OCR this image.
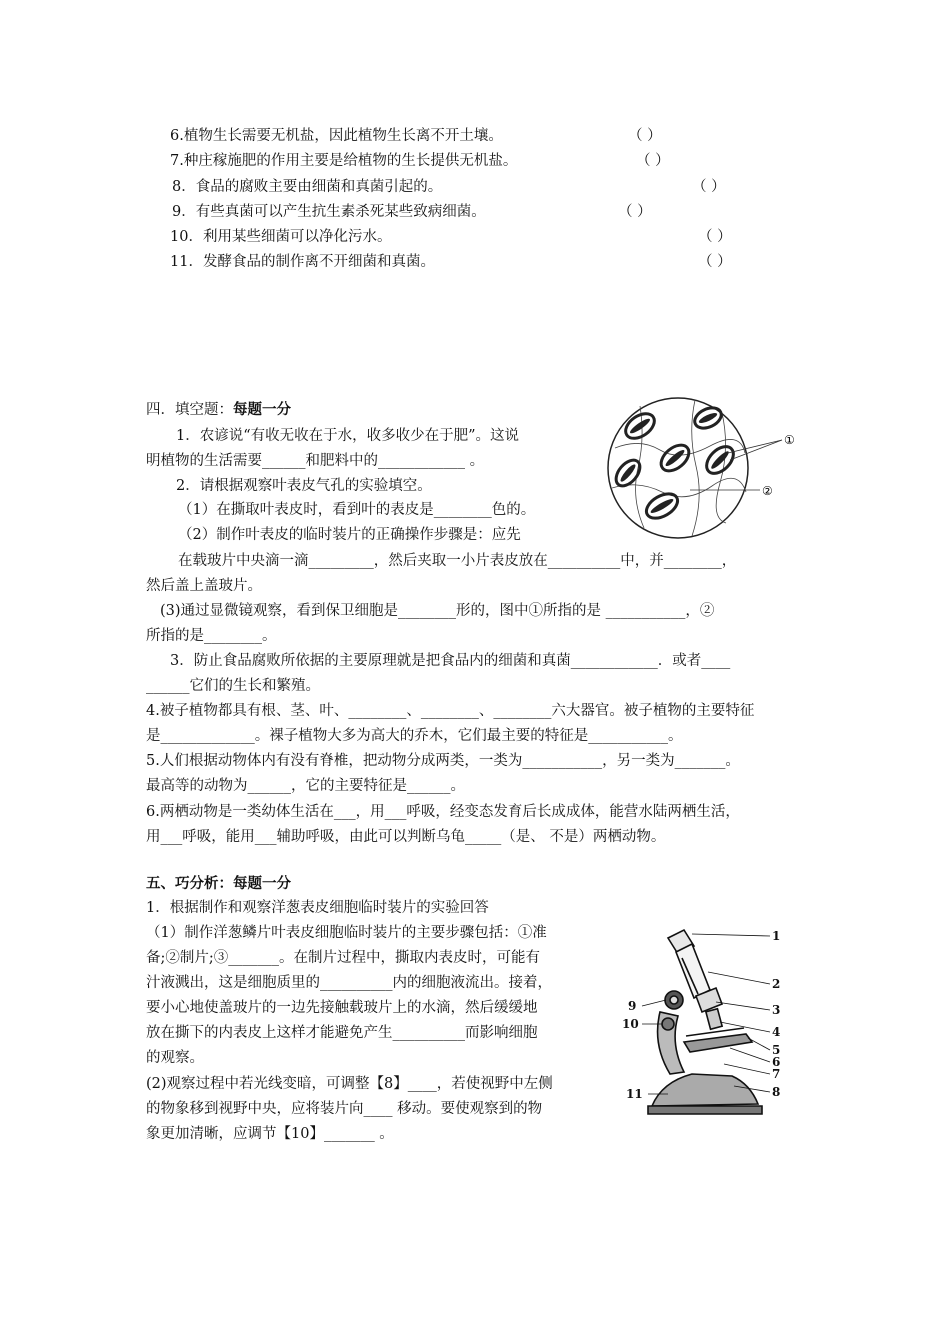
6.植物生长需要无机盐，因此植物生长离不开土壤。	（ ）
7.种庄稼施肥的作用主要是给植物的生长提供无机盐。	（ ）
8．食品的腐败主要由细菌和真菌引起的。	（ ）
9．有些真菌可以产生抗生素杀死某些致病细菌。	（ ）
10．利用某些细菌可以净化污水。	（ ）
11．发酵食品的制作离不开细菌和真菌。	（ ）
四．填空题：每题一分
1．农谚说“有收无收在于水，收多收少在于肥”。这说
明植物的生活需要______和肥料中的____________ 。
2．请根据观察叶表皮气孔的实验填空。
（1）在撕取叶表皮时，看到叶的表皮是________色的。
（2）制作叶表皮的临时装片的正确操作步骤是：应先
在载玻片中央滴一滴_________，然后夹取一小片表皮放在__________中，并________，
然后盖上盖玻片。
(3)通过显微镜观察，看到保卫细胞是________形的，图中①所指的是 ___________，②
所指的是________。
3．防止食品腐败所依据的主要原理就是把食品内的细菌和真菌____________．或者____
______它们的生长和繁殖。
4.被子植物都具有根、茎、叶、________、________、________六大器官。被子植物的主要特征
是_____________。裸子植物大多为高大的乔木，它们最主要的特征是___________。
5.人们根据动物体内有没有脊椎，把动物分成两类，一类为___________，另一类为_______。
最高等的动物为______，它的主要特征是______。
6.两栖动物是一类幼体生活在___，用___呼吸，经变态发育后长成成体，能营水陆两栖生活，
用___呼吸，能用___辅助呼吸，由此可以判断乌龟_____（是、 不是）两栖动物。
①
②
五、巧分析：每题一分
1．根据制作和观察洋葱表皮细胞临时装片的实验回答
（1）制作洋葱鳞片叶表皮细胞临时装片的主要步骤包括：①准
备;②制片;③_______。在制片过程中，撕取内表皮时，可能有
汁液溅出，这是细胞质里的__________内的细胞液流出。接着，
要小心地使盖玻片的一边先接触载玻片上的水滴，然后缓缓地
放在撕下的内表皮上这样才能避免产生__________而影响细胞
的观察。
(2)观察过程中若光线变暗，可调整【8】____，若使视野中左侧
的物象移到视野中央，应将装片向____ 移动。要使观察到的物
象更加清晰，应调节【10】_______ 。
1
2
3
4
5
6
7
8
9
10
11
